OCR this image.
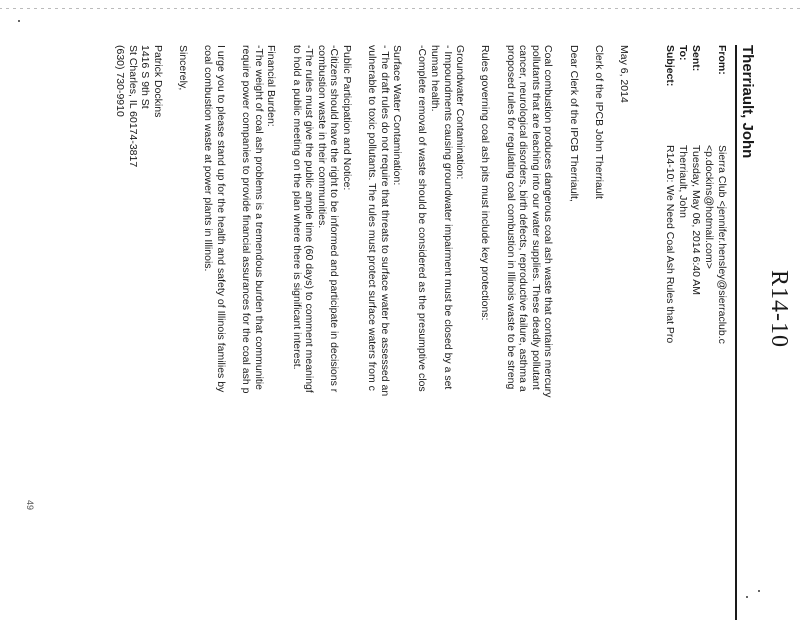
R14-10
Therriault, John
From:
Sierra Club <jennifer.hensley@sierraclub.c
<p.dockins@hotmail.com>
Sent:
Tuesday, May 06, 2014 6:40 AM
To:
Therriault, John
Subject:
R14-10: We Need Coal Ash Rules that Pro
May 6, 2014
Clerk of the IPCB John Therriault
Dear Clerk of the IPCB Therriault,
Coal combustion produces dangerous coal ash waste that contains mercury
pollutants that are leaching into our water supplies. These deadly pollutant
cancer, neurological disorders, birth defects, reproductive failure, asthma a
proposed rules for regulating coal combustion in Illinois waste to be streng
Rules governing coal ash pits must include key protections:
Groundwater Contamination:
- Impoundments causing groundwater impairment must be closed by a set
human health.
-Complete removal of waste should be considered as the presumptive clos
Surface Water Contamination:
- The draft rules do not require that threats to surface water be assessed an
vulnerable to toxic pollutants. The rules must protect surface waters from c
Public Participation and Notice:
-Citizens should have the right to be informed and participate in decisions r
combustion waste in their communities.
-The rules must give the public ample time (60 days) to comment meaningf
to hold a public meeting on the plan where there is significant interest.
Financial Burden:
-The weight of coal ash problems is a tremendous burden that communitie
require power companies to provide financial assurances for the coal ash p
I urge you to please stand up for the health and safety of Illinois families by
coal combustion waste at power plants in Illinois.
Sincerely,
Patrick Dockins
1416 S 9th St
St Charles, IL 60174-3817
(630) 730-9910
49
